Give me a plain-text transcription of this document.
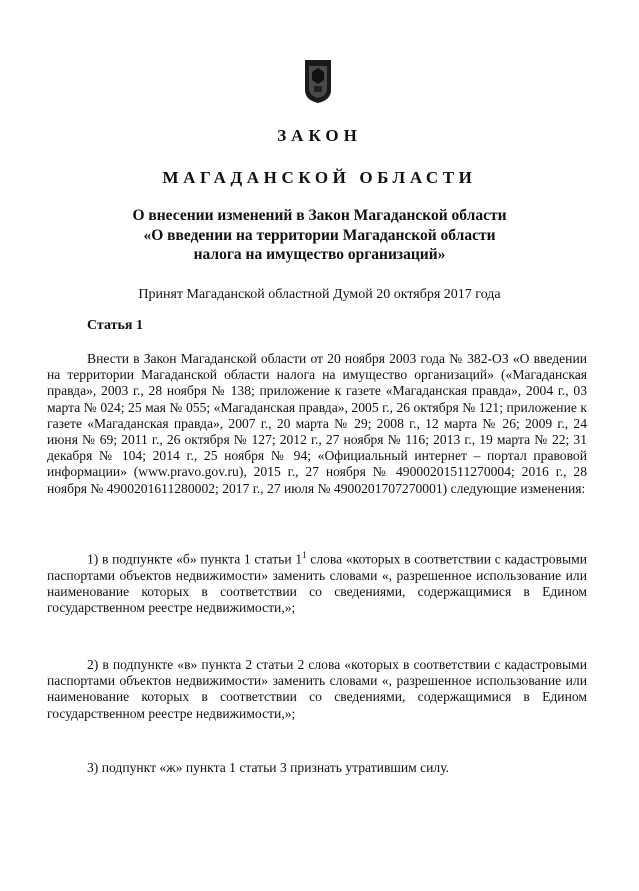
ЗАКОН
МАГАДАНСКОЙ ОБЛАСТИ
О внесении изменений в Закон Магаданской области
«О введении на территории Магаданской области
налога на имущество организаций»
Принят Магаданской областной Думой 20 октября 2017 года
Статья 1
Внести в Закон Магаданской области от 20 ноября 2003 года № 382-ОЗ «О введении на территории Магаданской области налога на имущество организаций» («Магаданская правда», 2003 г., 28 ноября № 138; приложение к газете «Магаданская правда», 2004 г., 03 марта № 024; 25 мая № 055; «Магаданская правда», 2005 г., 26 октября № 121; приложение к газете «Магаданская правда», 2007 г., 20 марта № 29; 2008 г., 12 марта № 26; 2009 г., 24 июня № 69; 2011 г., 26 октября № 127; 2012 г., 27 ноября № 116; 2013 г., 19 марта № 22; 31 декабря № 104; 2014 г., 25 ноября № 94; «Официальный интернет – портал правовой информации» (www.pravo.gov.ru), 2015 г., 27 ноября № 49000201511270004; 2016 г., 28 ноября № 4900201611280002; 2017 г., 27 июля № 4900201707270001) следующие изменения:
1) в подпункте «б» пункта 1 статьи $1^1$ слова «которых в соответствии с кадастровыми паспортами объектов недвижимости» заменить словами «, разрешенное использование или наименование которых в соответствии со сведениями, содержащимися в Едином государственном реестре недвижимости,»;
2) в подпункте «в» пункта 2 статьи 2 слова «которых в соответствии с кадастровыми паспортами объектов недвижимости» заменить словами «, разрешенное использование или наименование которых в соответствии со сведениями, содержащимися в Едином государственном реестре недвижимости,»;
3) подпункт «ж» пункта 1 статьи 3 признать утратившим силу.
